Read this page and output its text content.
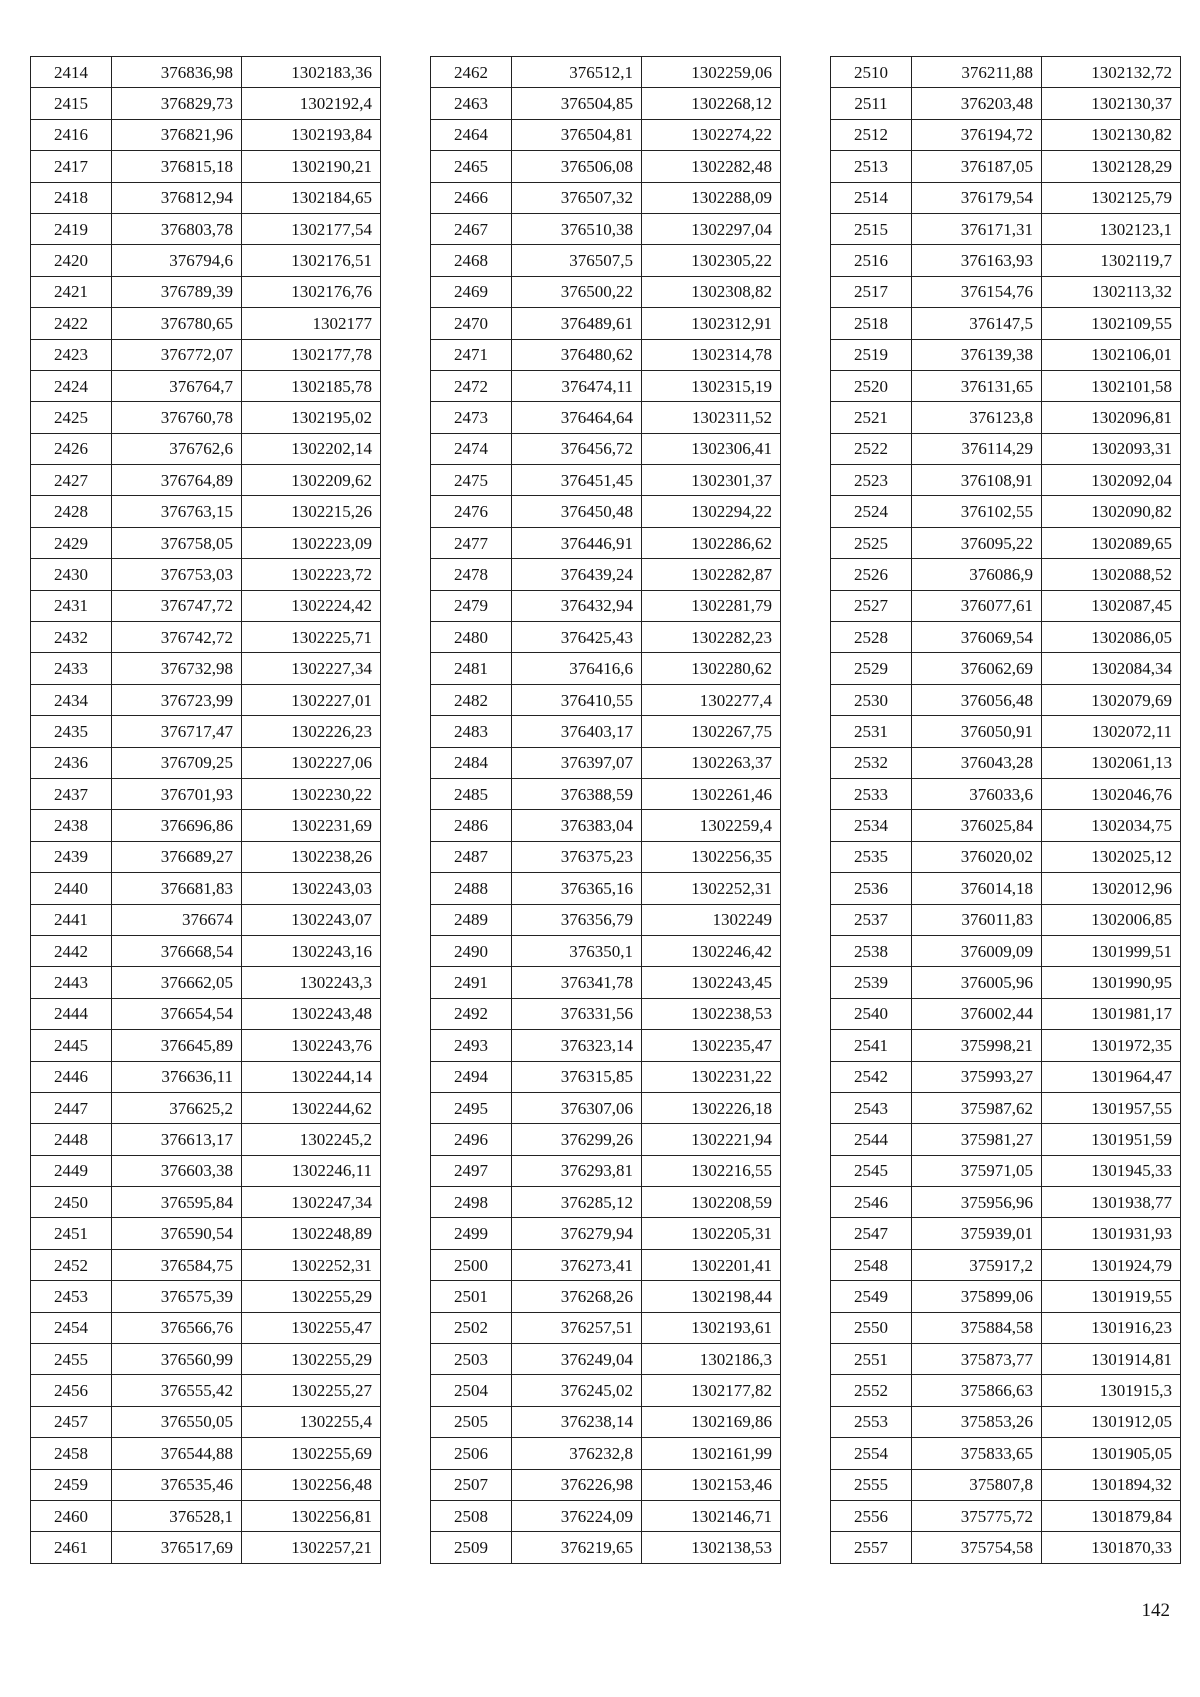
2414	376836,98	1302183,36
2415	376829,73	1302192,4
2416	376821,96	1302193,84
2417	376815,18	1302190,21
2418	376812,94	1302184,65
2419	376803,78	1302177,54
2420	376794,6	1302176,51
2421	376789,39	1302176,76
2422	376780,65	1302177
2423	376772,07	1302177,78
2424	376764,7	1302185,78
2425	376760,78	1302195,02
2426	376762,6	1302202,14
2427	376764,89	1302209,62
2428	376763,15	1302215,26
2429	376758,05	1302223,09
2430	376753,03	1302223,72
2431	376747,72	1302224,42
2432	376742,72	1302225,71
2433	376732,98	1302227,34
2434	376723,99	1302227,01
2435	376717,47	1302226,23
2436	376709,25	1302227,06
2437	376701,93	1302230,22
2438	376696,86	1302231,69
2439	376689,27	1302238,26
2440	376681,83	1302243,03
2441	376674	1302243,07
2442	376668,54	1302243,16
2443	376662,05	1302243,3
2444	376654,54	1302243,48
2445	376645,89	1302243,76
2446	376636,11	1302244,14
2447	376625,2	1302244,62
2448	376613,17	1302245,2
2449	376603,38	1302246,11
2450	376595,84	1302247,34
2451	376590,54	1302248,89
2452	376584,75	1302252,31
2453	376575,39	1302255,29
2454	376566,76	1302255,47
2455	376560,99	1302255,29
2456	376555,42	1302255,27
2457	376550,05	1302255,4
2458	376544,88	1302255,69
2459	376535,46	1302256,48
2460	376528,1	1302256,81
2461	376517,69	1302257,21
2462	376512,1	1302259,06
2463	376504,85	1302268,12
2464	376504,81	1302274,22
2465	376506,08	1302282,48
2466	376507,32	1302288,09
2467	376510,38	1302297,04
2468	376507,5	1302305,22
2469	376500,22	1302308,82
2470	376489,61	1302312,91
2471	376480,62	1302314,78
2472	376474,11	1302315,19
2473	376464,64	1302311,52
2474	376456,72	1302306,41
2475	376451,45	1302301,37
2476	376450,48	1302294,22
2477	376446,91	1302286,62
2478	376439,24	1302282,87
2479	376432,94	1302281,79
2480	376425,43	1302282,23
2481	376416,6	1302280,62
2482	376410,55	1302277,4
2483	376403,17	1302267,75
2484	376397,07	1302263,37
2485	376388,59	1302261,46
2486	376383,04	1302259,4
2487	376375,23	1302256,35
2488	376365,16	1302252,31
2489	376356,79	1302249
2490	376350,1	1302246,42
2491	376341,78	1302243,45
2492	376331,56	1302238,53
2493	376323,14	1302235,47
2494	376315,85	1302231,22
2495	376307,06	1302226,18
2496	376299,26	1302221,94
2497	376293,81	1302216,55
2498	376285,12	1302208,59
2499	376279,94	1302205,31
2500	376273,41	1302201,41
2501	376268,26	1302198,44
2502	376257,51	1302193,61
2503	376249,04	1302186,3
2504	376245,02	1302177,82
2505	376238,14	1302169,86
2506	376232,8	1302161,99
2507	376226,98	1302153,46
2508	376224,09	1302146,71
2509	376219,65	1302138,53
2510	376211,88	1302132,72
2511	376203,48	1302130,37
2512	376194,72	1302130,82
2513	376187,05	1302128,29
2514	376179,54	1302125,79
2515	376171,31	1302123,1
2516	376163,93	1302119,7
2517	376154,76	1302113,32
2518	376147,5	1302109,55
2519	376139,38	1302106,01
2520	376131,65	1302101,58
2521	376123,8	1302096,81
2522	376114,29	1302093,31
2523	376108,91	1302092,04
2524	376102,55	1302090,82
2525	376095,22	1302089,65
2526	376086,9	1302088,52
2527	376077,61	1302087,45
2528	376069,54	1302086,05
2529	376062,69	1302084,34
2530	376056,48	1302079,69
2531	376050,91	1302072,11
2532	376043,28	1302061,13
2533	376033,6	1302046,76
2534	376025,84	1302034,75
2535	376020,02	1302025,12
2536	376014,18	1302012,96
2537	376011,83	1302006,85
2538	376009,09	1301999,51
2539	376005,96	1301990,95
2540	376002,44	1301981,17
2541	375998,21	1301972,35
2542	375993,27	1301964,47
2543	375987,62	1301957,55
2544	375981,27	1301951,59
2545	375971,05	1301945,33
2546	375956,96	1301938,77
2547	375939,01	1301931,93
2548	375917,2	1301924,79
2549	375899,06	1301919,55
2550	375884,58	1301916,23
2551	375873,77	1301914,81
2552	375866,63	1301915,3
2553	375853,26	1301912,05
2554	375833,65	1301905,05
2555	375807,8	1301894,32
2556	375775,72	1301879,84
2557	375754,58	1301870,33
142
